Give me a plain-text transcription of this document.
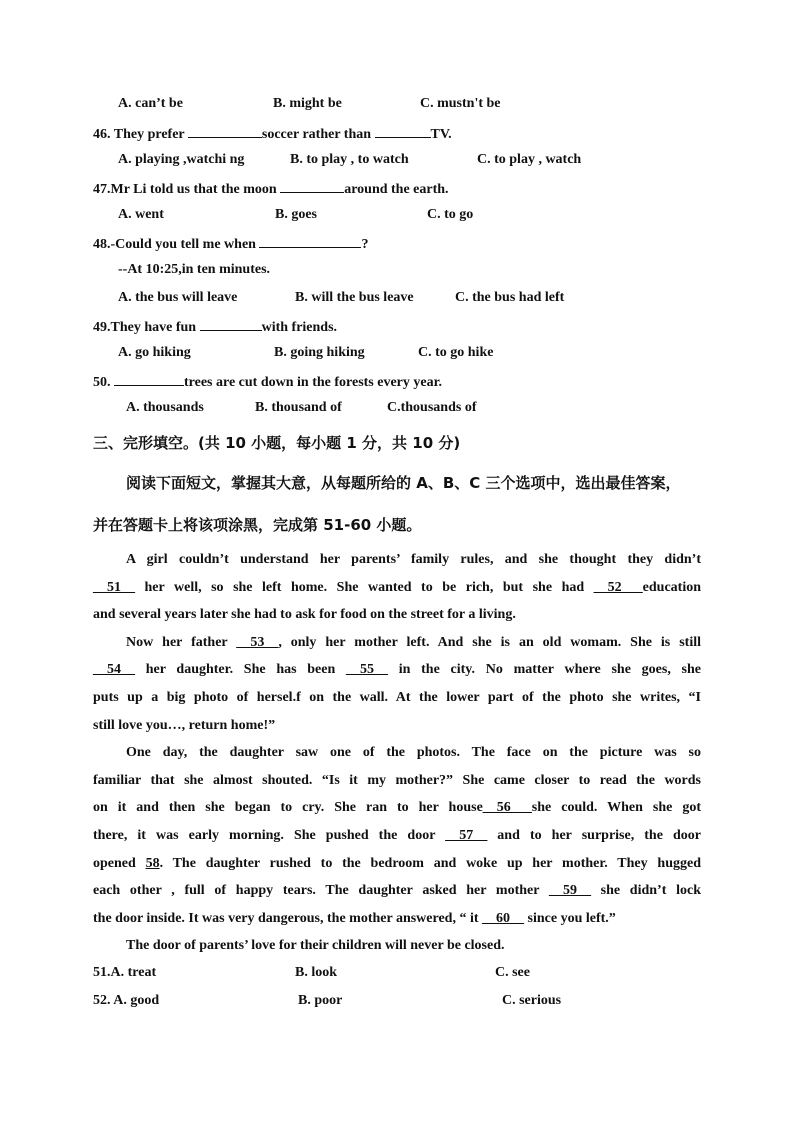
A. can’t be	B. might be	C. mustn't be
46. They prefer	soccer rather than	TV.
A. playing ,watchi ng	B. to play , to watch	C. to play , watch
47.Mr Li told us that the moon	around the earth.
A. went	B. goes	C. to go
48.-Could you tell me when	?
--At 10:25,in ten minutes.
A. the bus will leave	B. will the bus leave	C. the bus had left
49.They have fun	with friends.
A. go hiking	B. going hiking	C. to go hike
50.	trees are cut down in the forests every year.
A. thousands	B. thousand of	C.thousands of
三、完形填空。(共 10 小题，每小题 1 分，共 10 分)
阅读下面短文，掌握其大意，从每题所给的 A、B、C 三个选项中，选出最佳答案，
并在答题卡上将该项涂黑，完成第 51-60 小题。
A girl couldn’t understand her parents’ family rules, and she thought they didn’t
__51__ her well, so she left home. She wanted to be rich, but she had __52___education
and several years later she had to ask for food on the street for a living.
Now her father __53__, only her mother left. And she is an old womam. She is still
__54__ her daughter. She has been __55__ in the city. No matter where she goes, she
puts up a big photo of hersel.f on the wall. At the lower part of the photo she writes, “I
still love you…, return home!”
One day, the daughter saw one of the photos. The face on the picture was so
familiar that she almost shouted. “Is it my mother?” She came closer to read the words
on it and then she began to cry. She ran to her house__56___she could. When she got
there, it was early morning. She pushed the door __57__ and to her surprise, the door
opened 58. The daughter rushed to the bedroom and woke up her mother. They hugged
each other , full of happy tears. The daughter asked her mother __59__ she didn’t lock
the door inside. It was very dangerous, the mother answered, “ it __60__ since you left.”
The door of parents’ love for their children will never be closed.
51.A. treat	B. look	C. see
52. A. good	B. poor	C. serious
